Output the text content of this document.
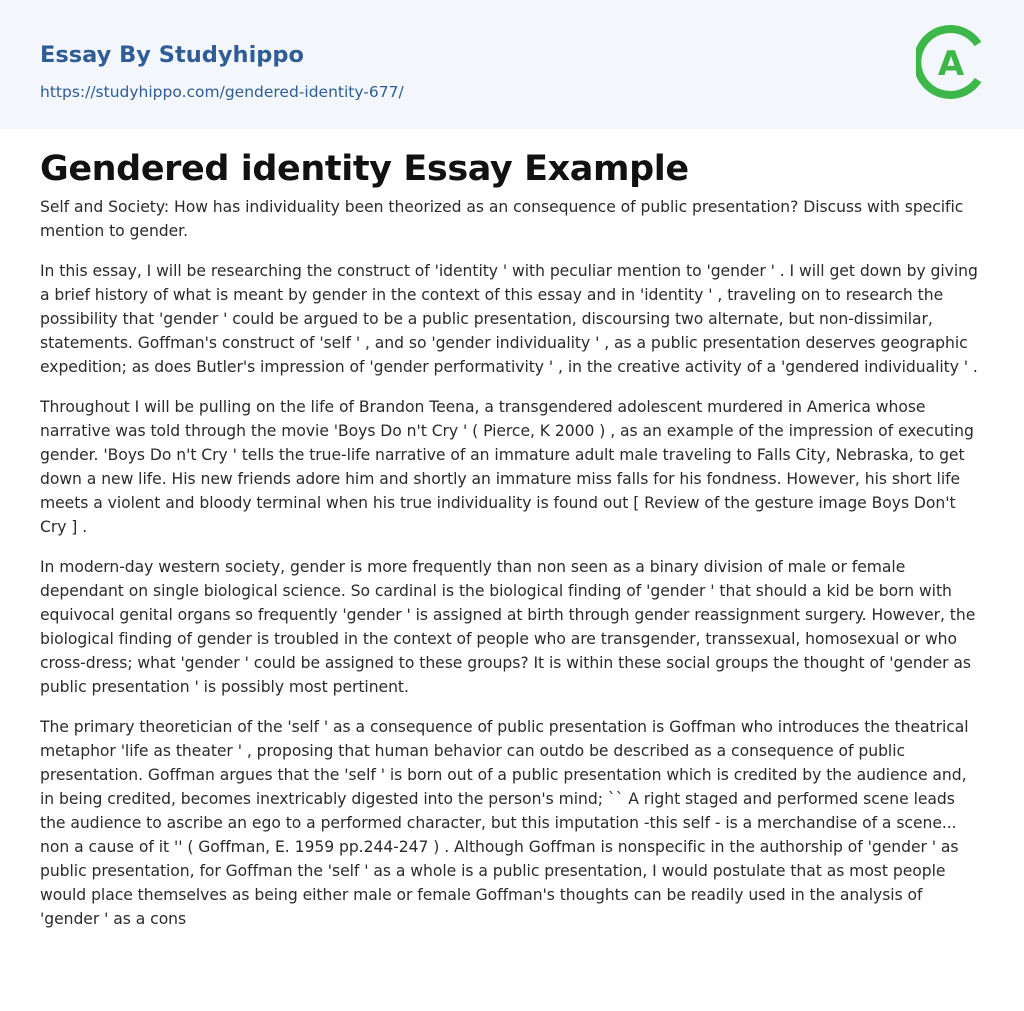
Essay By Studyhippo
https://studyhippo.com/gendered-identity-677/
A
Gendered identity Essay Example

Self and Society: How has individuality been theorized as an consequence of public presentation? Discuss with specific mention to gender.

In this essay, I will be researching the construct of 'identity ' with peculiar mention to 'gender ' . I will get down by giving a brief history of what is meant by gender in the context of this essay and in 'identity ' , traveling on to research the possibility that 'gender ' could be argued to be a public presentation, discoursing two alternate, but non-dissimilar, statements. Goffman's construct of 'self ' , and so 'gender individuality ' , as a public presentation deserves geographic expedition; as does Butler's impression of 'gender performativity ' , in the creative activity of a 'gendered individuality ' .

Throughout I will be pulling on the life of Brandon Teena, a transgendered adolescent murdered in America whose narrative was told through the movie 'Boys Do n't Cry ' ( Pierce, K 2000 ) , as an example of the impression of executing gender. 'Boys Do n't Cry ' tells the true-life narrative of an immature adult male traveling to Falls City, Nebraska, to get down a new life. His new friends adore him and shortly an immature miss falls for his fondness. However, his short life meets a violent and bloody terminal when his true individuality is found out [ Review of the gesture image Boys Don't Cry ] .

In modern-day western society, gender is more frequently than non seen as a binary division of male or female dependant on single biological science. So cardinal is the biological finding of 'gender ' that should a kid be born with equivocal genital organs so frequently 'gender ' is assigned at birth through gender reassignment surgery. However, the biological finding of gender is troubled in the context of people who are transgender, transsexual, homosexual or who cross-dress; what 'gender ' could be assigned to these groups? It is within these social groups the thought of 'gender as public presentation ' is possibly most pertinent.

The primary theoretician of the 'self ' as a consequence of public presentation is Goffman who introduces the theatrical metaphor 'life as theater ' , proposing that human behavior can outdo be described as a consequence of public presentation. Goffman argues that the 'self ' is born out of a public presentation which is credited by the audience and, in being credited, becomes inextricably digested into the person's mind; `` A right staged and performed scene leads the audience to ascribe an ego to a performed character, but this imputation -this self - is a merchandise of a scene... non a cause of it '' ( Goffman, E. 1959 pp.244-247 ) . Although Goffman is nonspecific in the authorship of 'gender ' as public presentation, for Goffman the 'self ' as a whole is a public presentation, I would postulate that as most people would place themselves as being either male or female Goffman's thoughts can be readily used in the analysis of 'gender ' as a cons
